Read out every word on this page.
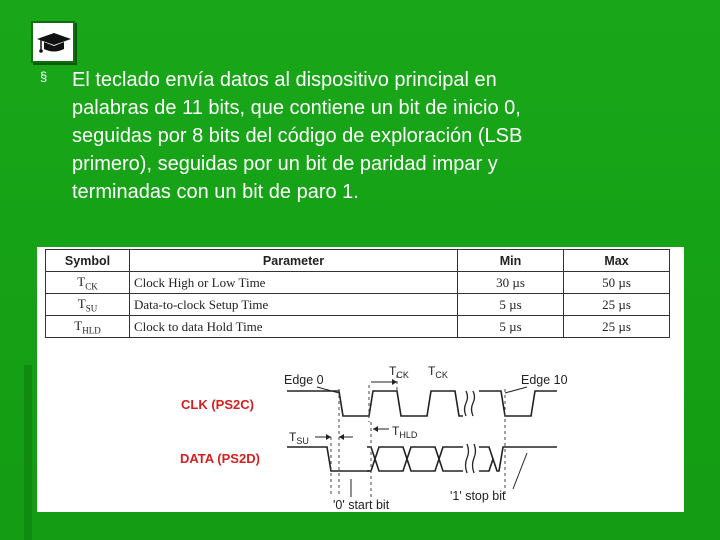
§ El teclado envía datos al dispositivo principal en
palabras de 11 bits, que contiene un bit de inicio 0,
seguidas por 8 bits del código de exploración (LSB
primero), seguidas por un bit de paridad impar y
terminadas con un bit de paro 1.
Symbol	Parameter	Min	Max
$T_{CK}$	Clock High or Low Time	30 µs	50 µs
$T_{SU}$	Data-to-clock Setup Time	5 µs	25 µs
$T_{HLD}$	Clock to data Hold Time	5 µs	25 µs
CLK (PS2C)
DATA (PS2D)
Edge 0	Edge 10
$T_{CK}$ $T_{CK}$
$T_{SU}$
$T_{HLD}$
'0' start bit
'1' stop bit
